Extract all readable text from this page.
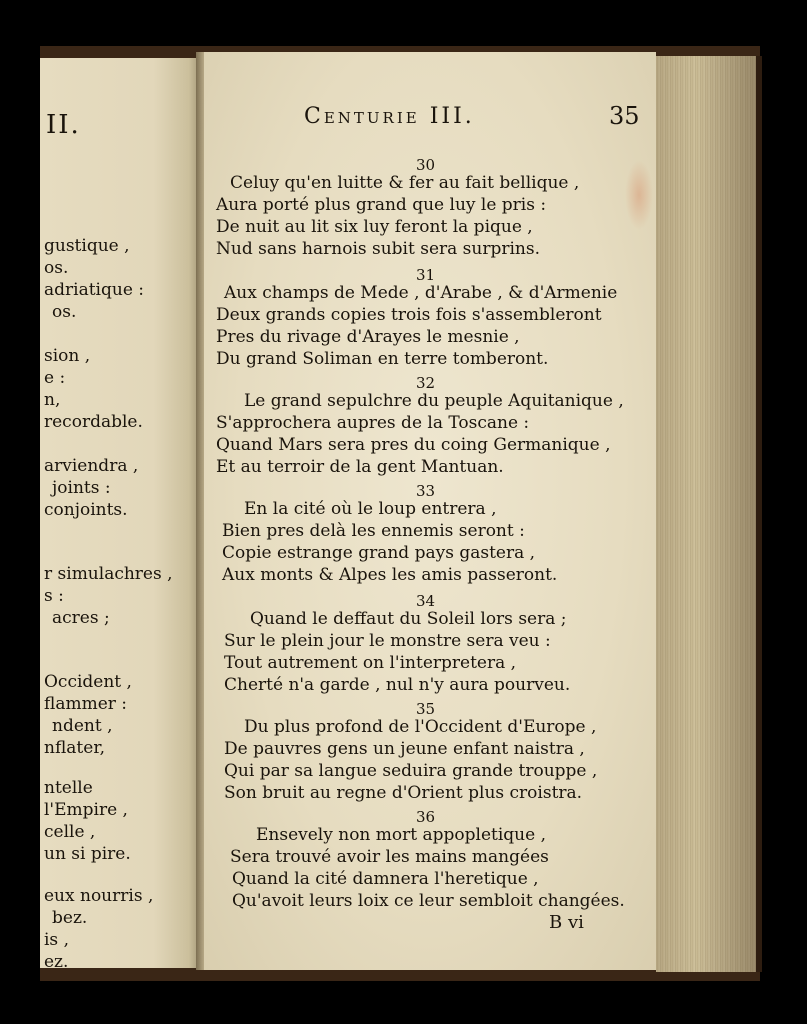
II.
gustique ,
os.
adriatique :
os.
sion ,
e :
n,
recordable.
arviendra ,
joints :
conjoints.
r simulachres ,
s :
acres ;
Occident ,
flammer :
ndent ,
nflater,
ntelle
l'Empire ,
celle ,
un si pire.
eux nourris ,
bez.
is ,
ez.
Centurie III.	35
30
Celuy qu'en luitte & fer au fait bellique ,
Aura porté plus grand que luy le pris :
De nuit au lit six luy feront la pique ,
Nud sans harnois subit sera surprins.
31
Aux champs de Mede , d'Arabe , & d'Armenie
Deux grands copies trois fois s'assembleront
Pres du rivage d'Arayes le mesnie ,
Du grand Soliman en terre tomberont.
32
Le grand sepulchre du peuple Aquitanique ,
S'approchera aupres de la Toscane :
Quand Mars sera pres du coing Germanique ,
Et au terroir de la gent Mantuan.
33
En la cité où le loup entrera ,
Bien pres delà les ennemis seront :
Copie estrange grand pays gastera ,
Aux monts & Alpes les amis passeront.
34
Quand le deffaut du Soleil lors sera ;
Sur le plein jour le monstre sera veu :
Tout autrement on l'interpretera ,
Cherté n'a garde , nul n'y aura pourveu.
35
Du plus profond de l'Occident d'Europe ,
De pauvres gens un jeune enfant naistra ,
Qui par sa langue seduira grande trouppe ,
Son bruit au regne d'Orient plus croistra.
36
Ensevely non mort appopletique ,
Sera trouvé avoir les mains mangées
Quand la cité damnera l'heretique ,
Qu'avoit leurs loix ce leur sembloit changées.
B vi
